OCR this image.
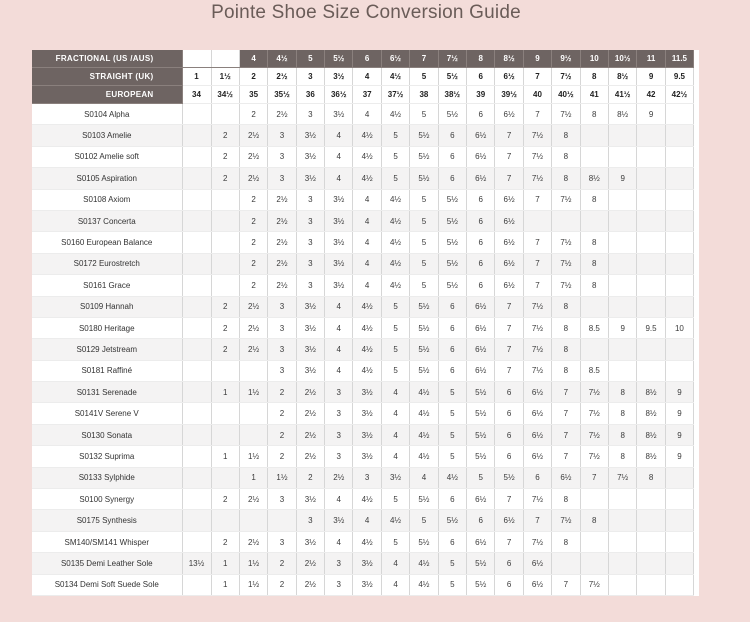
Pointe Shoe Size Conversion Guide
FRACTIONAL (US /AUS)			4	4½	5	5½	6	6½	7	7½	8	8½	9	9½	10	10½	11	11.5
STRAIGHT (UK)	1	1½	2	2½	3	3½	4	4½	5	5½	6	6½	7	7½	8	8½	9	9.5
EUROPEAN	34	34½	35	35½	36	36½	37	37½	38	38½	39	39½	40	40½	41	41½	42	42½
S0104 Alpha			2	2½	3	3½	4	4½	5	5½	6	6½	7	7½	8	8½	9	
S0103 Amelie		2	2½	3	3½	4	4½	5	5½	6	6½	7	7½	8				
S0102 Amelie soft		2	2½	3	3½	4	4½	5	5½	6	6½	7	7½	8				
S0105 Aspiration		2	2½	3	3½	4	4½	5	5½	6	6½	7	7½	8	8½	9		
S0108 Axiom			2	2½	3	3½	4	4½	5	5½	6	6½	7	7½	8			
S0137 Concerta			2	2½	3	3½	4	4½	5	5½	6	6½						
S0160 European Balance			2	2½	3	3½	4	4½	5	5½	6	6½	7	7½	8			
S0172 Eurostretch			2	2½	3	3½	4	4½	5	5½	6	6½	7	7½	8			
S0161 Grace			2	2½	3	3½	4	4½	5	5½	6	6½	7	7½	8			
S0109 Hannah		2	2½	3	3½	4	4½	5	5½	6	6½	7	7½	8				
S0180 Heritage		2	2½	3	3½	4	4½	5	5½	6	6½	7	7½	8	8.5	9	9.5	10
S0129 Jetstream		2	2½	3	3½	4	4½	5	5½	6	6½	7	7½	8				
S0181 Raffiné				3	3½	4	4½	5	5½	6	6½	7	7½	8	8.5			
S0131 Serenade		1	1½	2	2½	3	3½	4	4½	5	5½	6	6½	7	7½	8	8½	9
S0141V Serene V				2	2½	3	3½	4	4½	5	5½	6	6½	7	7½	8	8½	9
S0130 Sonata				2	2½	3	3½	4	4½	5	5½	6	6½	7	7½	8	8½	9
S0132 Suprima		1	1½	2	2½	3	3½	4	4½	5	5½	6	6½	7	7½	8	8½	9
S0133 Sylphide			1	1½	2	2½	3	3½	4	4½	5	5½	6	6½	7	7½	8	
S0100 Synergy		2	2½	3	3½	4	4½	5	5½	6	6½	7	7½	8				
S0175 Synthesis					3	3½	4	4½	5	5½	6	6½	7	7½	8			
SM140/SM141 Whisper		2	2½	3	3½	4	4½	5	5½	6	6½	7	7½	8				
S0135 Demi Leather Sole	13½	1	1½	2	2½	3	3½	4	4½	5	5½	6	6½					
S0134 Demi Soft Suede Sole		1	1½	2	2½	3	3½	4	4½	5	5½	6	6½	7	7½			
